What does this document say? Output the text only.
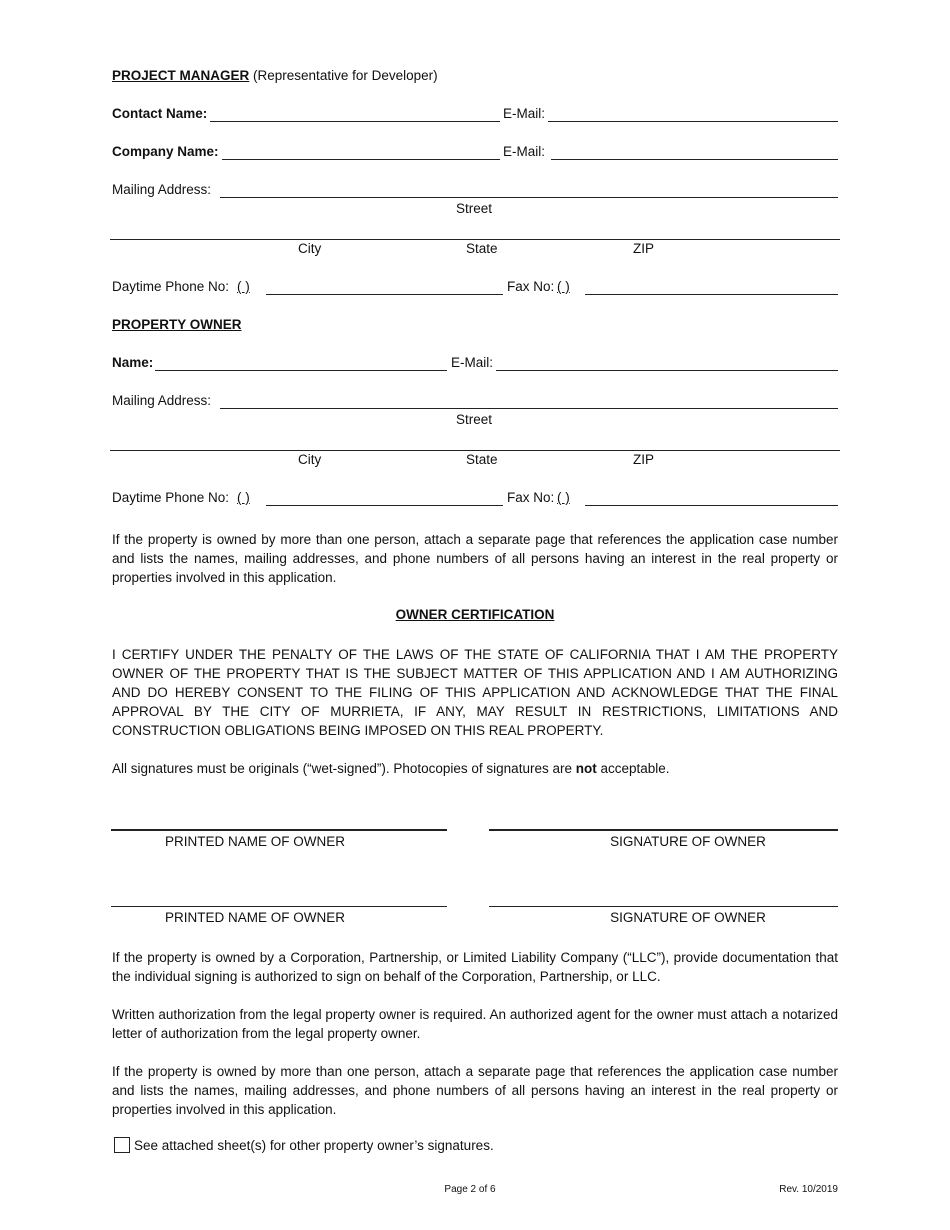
PROJECT MANAGER (Representative for Developer)
Contact Name:	E-Mail:
Company Name:	E-Mail:
Mailing Address:
Street
City	State	ZIP
Daytime Phone No: ( )	Fax No: ( )
PROPERTY OWNER
Name:	E-Mail:
Mailing Address:
Street
City	State	ZIP
Daytime Phone No: ( )	Fax No: ( )

If the property is owned by more than one person, attach a separate page that references the application case number and lists the names, mailing addresses, and phone numbers of all persons having an interest in the real property or properties involved in this application.

OWNER CERTIFICATION

I CERTIFY UNDER THE PENALTY OF THE LAWS OF THE STATE OF CALIFORNIA THAT I AM THE PROPERTY OWNER OF THE PROPERTY THAT IS THE SUBJECT MATTER OF THIS APPLICATION AND I AM AUTHORIZING AND DO HEREBY CONSENT TO THE FILING OF THIS APPLICATION AND ACKNOWLEDGE THAT THE FINAL APPROVAL BY THE CITY OF MURRIETA, IF ANY, MAY RESULT IN RESTRICTIONS, LIMITATIONS AND CONSTRUCTION OBLIGATIONS BEING IMPOSED ON THIS REAL PROPERTY.

All signatures must be originals (“wet-signed”). Photocopies of signatures are not acceptable.

PRINTED NAME OF OWNER	SIGNATURE OF OWNER
PRINTED NAME OF OWNER	SIGNATURE OF OWNER

If the property is owned by a Corporation, Partnership, or Limited Liability Company (“LLC”), provide documentation that the individual signing is authorized to sign on behalf of the Corporation, Partnership, or LLC.

Written authorization from the legal property owner is required. An authorized agent for the owner must attach a notarized letter of authorization from the legal property owner.

If the property is owned by more than one person, attach a separate page that references the application case number and lists the names, mailing addresses, and phone numbers of all persons having an interest in the real property or properties involved in this application.

See attached sheet(s) for other property owner’s signatures.
Page 2 of 6	Rev. 10/2019
